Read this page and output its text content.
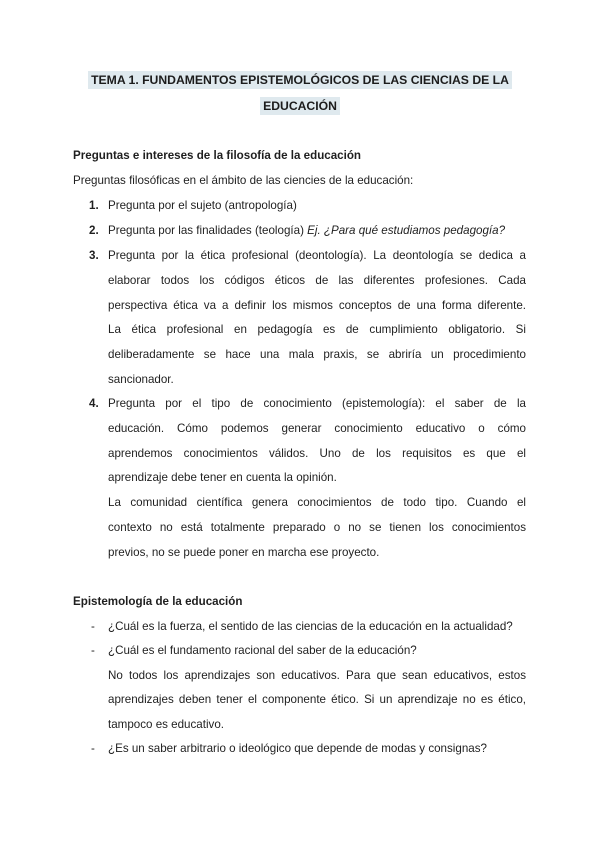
TEMA 1. FUNDAMENTOS EPISTEMOLÓGICOS DE LAS CIENCIAS DE LA
EDUCACIÓN
Preguntas e intereses de la filosofía de la educación
Preguntas filosóficas en el ámbito de las ciencies de la educación:
1. Pregunta por el sujeto (antropología)
2. Pregunta por las finalidades (teología) Ej. ¿Para qué estudiamos pedagogía?
3. Pregunta por la ética profesional (deontología). La deontología se dedica a
elaborar todos los códigos éticos de las diferentes profesiones. Cada
perspectiva ética va a definir los mismos conceptos de una forma diferente.
La ética profesional en pedagogía es de cumplimiento obligatorio. Si
deliberadamente se hace una mala praxis, se abriría un procedimiento
sancionador.
4. Pregunta por el tipo de conocimiento (epistemología): el saber de la
educación. Cómo podemos generar conocimiento educativo o cómo
aprendemos conocimientos válidos. Uno de los requisitos es que el
aprendizaje debe tener en cuenta la opinión.
La comunidad científica genera conocimientos de todo tipo. Cuando el
contexto no está totalmente preparado o no se tienen los conocimientos
previos, no se puede poner en marcha ese proyecto.
Epistemología de la educación
- ¿Cuál es la fuerza, el sentido de las ciencias de la educación en la actualidad?
- ¿Cuál es el fundamento racional del saber de la educación?
No todos los aprendizajes son educativos. Para que sean educativos, estos
aprendizajes deben tener el componente ético. Si un aprendizaje no es ético,
tampoco es educativo.
- ¿Es un saber arbitrario o ideológico que depende de modas y consignas?
